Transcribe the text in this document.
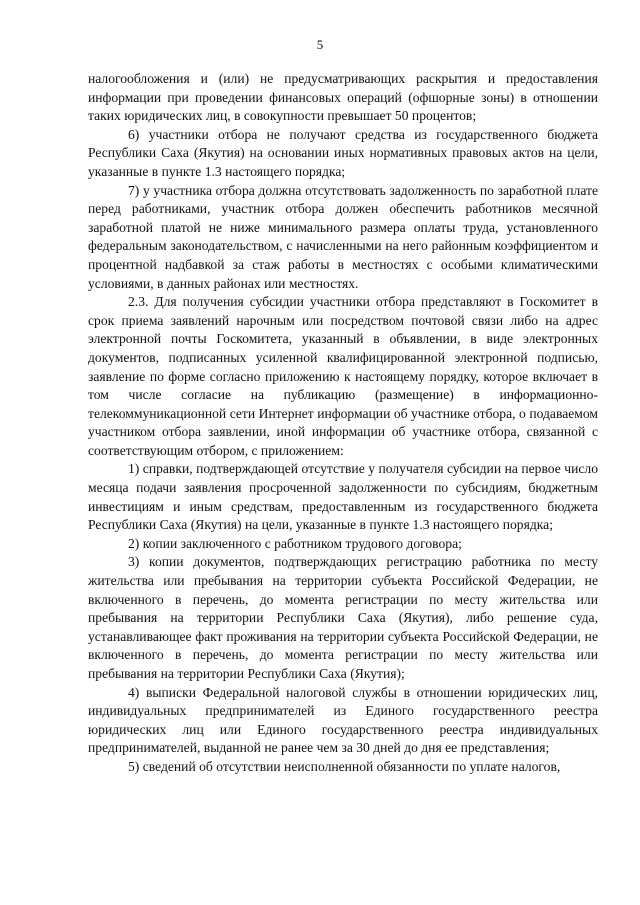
5

налогообложения и (или) не предусматривающих раскрытия и предоставления информации при проведении финансовых операций (офшорные зоны) в отношении таких юридических лиц, в совокупности превышает 50 процентов;

6) участники отбора не получают средства из государственного бюджета Республики Саха (Якутия) на основании иных нормативных правовых актов на цели, указанные в пункте 1.3 настоящего порядка;

7) у участника отбора должна отсутствовать задолженность по заработной плате перед работниками, участник отбора должен обеспечить работников месячной заработной платой не ниже минимального размера оплаты труда, установленного федеральным законодательством, с начисленными на него районным коэффициентом и процентной надбавкой за стаж работы в местностях с особыми климатическими условиями, в данных районах или местностях.

2.3. Для получения субсидии участники отбора представляют в Госкомитет в срок приема заявлений нарочным или посредством почтовой связи либо на адрес электронной почты Госкомитета, указанный в объявлении, в виде электронных документов, подписанных усиленной квалифицированной электронной подписью, заявление по форме согласно приложению к настоящему порядку, которое включает в том числе согласие на публикацию (размещение) в информационно-телекоммуникационной сети Интернет информации об участнике отбора, о подаваемом участником отбора заявлении, иной информации об участнике отбора, связанной с соответствующим отбором, с приложением:

1) справки, подтверждающей отсутствие у получателя субсидии на первое число месяца подачи заявления просроченной задолженности по субсидиям, бюджетным инвестициям и иным средствам, предоставленным из государственного бюджета Республики Саха (Якутия) на цели, указанные в пункте 1.3 настоящего порядка;

2) копии заключенного с работником трудового договора;

3) копии документов, подтверждающих регистрацию работника по месту жительства или пребывания на территории субъекта Российской Федерации, не включенного в перечень, до момента регистрации по месту жительства или пребывания на территории Республики Саха (Якутия), либо решение суда, устанавливающее факт проживания на территории субъекта Российской Федерации, не включенного в перечень, до момента регистрации по месту жительства или пребывания на территории Республики Саха (Якутия);

4) выписки Федеральной налоговой службы в отношении юридических лиц, индивидуальных предпринимателей из Единого государственного реестра юридических лиц или Единого государственного реестра индивидуальных предпринимателей, выданной не ранее чем за 30 дней до дня ее представления;

5) сведений об отсутствии неисполненной обязанности по уплате налогов,
